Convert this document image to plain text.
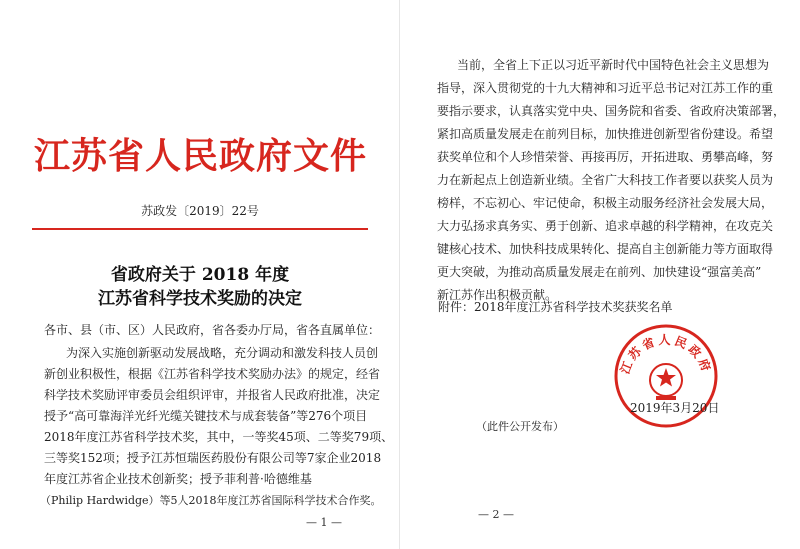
江苏省人民政府文件
苏政发〔2019〕22号
省政府关于 2018 年度
江苏省科学技术奖励的决定
各市、县（市、区）人民政府，省各委办厅局，省各直属单位：
为深入实施创新驱动发展战略，充分调动和激发科技人员创
新创业积极性，根据《江苏省科学技术奖励办法》的规定，经省
科学技术奖励评审委员会组织评审，并报省人民政府批准，决定
授予“高可靠海洋光纤光缆关键技术与成套装备”等276个项目
2018年度江苏省科学技术奖，其中，一等奖45项、二等奖79项、
三等奖152项；授予江苏恒瑞医药股份有限公司等7家企业2018
年度江苏省企业技术创新奖；授予菲利普·哈德维基
（Philip Hardwidge）等5人2018年度江苏省国际科学技术合作奖。
— 1 —
当前，全省上下正以习近平新时代中国特色社会主义思想为
指导，深入贯彻党的十九大精神和习近平总书记对江苏工作的重
要指示要求，认真落实党中央、国务院和省委、省政府决策部署，
紧扣高质量发展走在前列目标，加快推进创新型省份建设。希望
获奖单位和个人珍惜荣誉、再接再厉，开拓进取、勇攀高峰，努
力在新起点上创造新业绩。全省广大科技工作者要以获奖人员为
榜样，不忘初心、牢记使命，积极主动服务经济社会发展大局，
大力弘扬求真务实、勇于创新、追求卓越的科学精神，在攻克关
键核心技术、加快科技成果转化、提高自主创新能力等方面取得
更大突破，为推动高质量发展走在前列、加快建设“强富美高”
江苏省人民政府
附件：2018年度江苏省科学技术奖获奖名单
2019年3月20日
（此件公开发布）
— 2 —
新江苏作出积极贡献。
